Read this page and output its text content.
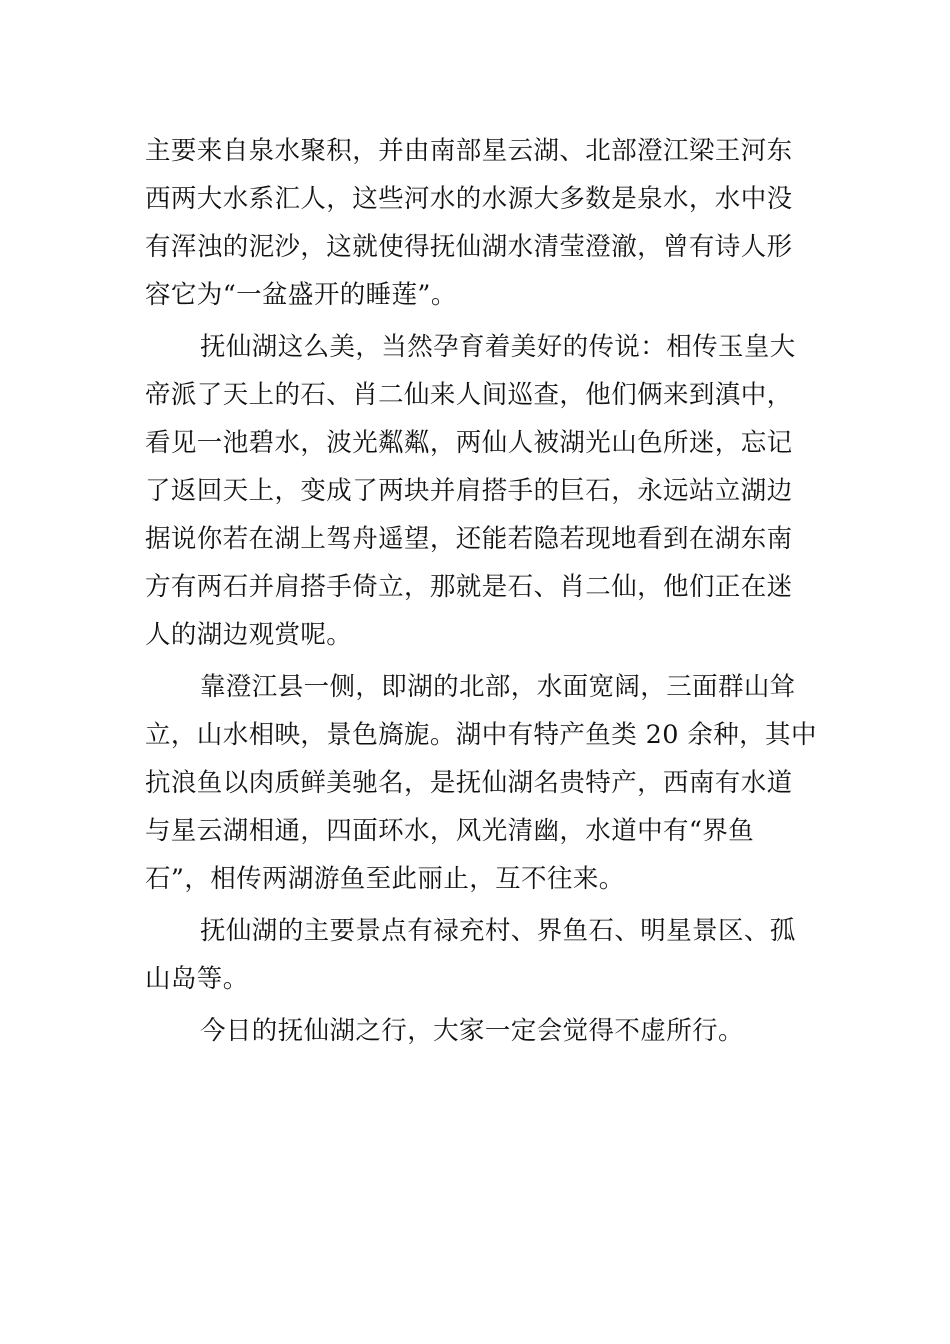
主要来自泉水聚积，并由南部星云湖、北部澄江梁王河东
西两大水系汇人，这些河水的水源大多数是泉水，水中没
有浑浊的泥沙，这就使得抚仙湖水清莹澄澈，曾有诗人形
容它为“一盆盛开的睡莲”。
抚仙湖这么美，当然孕育着美好的传说：相传玉皇大
帝派了天上的石、肖二仙来人间巡查，他们俩来到滇中，
看见一池碧水，波光粼粼，两仙人被湖光山色所迷，忘记
了返回天上，变成了两块并肩搭手的巨石，永远站立湖边
据说你若在湖上驾舟遥望，还能若隐若现地看到在湖东南
方有两石并肩搭手倚立，那就是石、肖二仙，他们正在迷
人的湖边观赏呢。
靠澄江县一侧，即湖的北部，水面宽阔，三面群山耸
立，山水相映，景色旖旎。湖中有特产鱼类 20 余种，其中
抗浪鱼以肉质鲜美驰名，是抚仙湖名贵特产，西南有水道
与星云湖相通，四面环水，风光清幽，水道中有“界鱼
石”，相传两湖游鱼至此丽止，互不往来。
抚仙湖的主要景点有禄充村、界鱼石、明星景区、孤
山岛等。
今日的抚仙湖之行，大家一定会觉得不虚所行。
